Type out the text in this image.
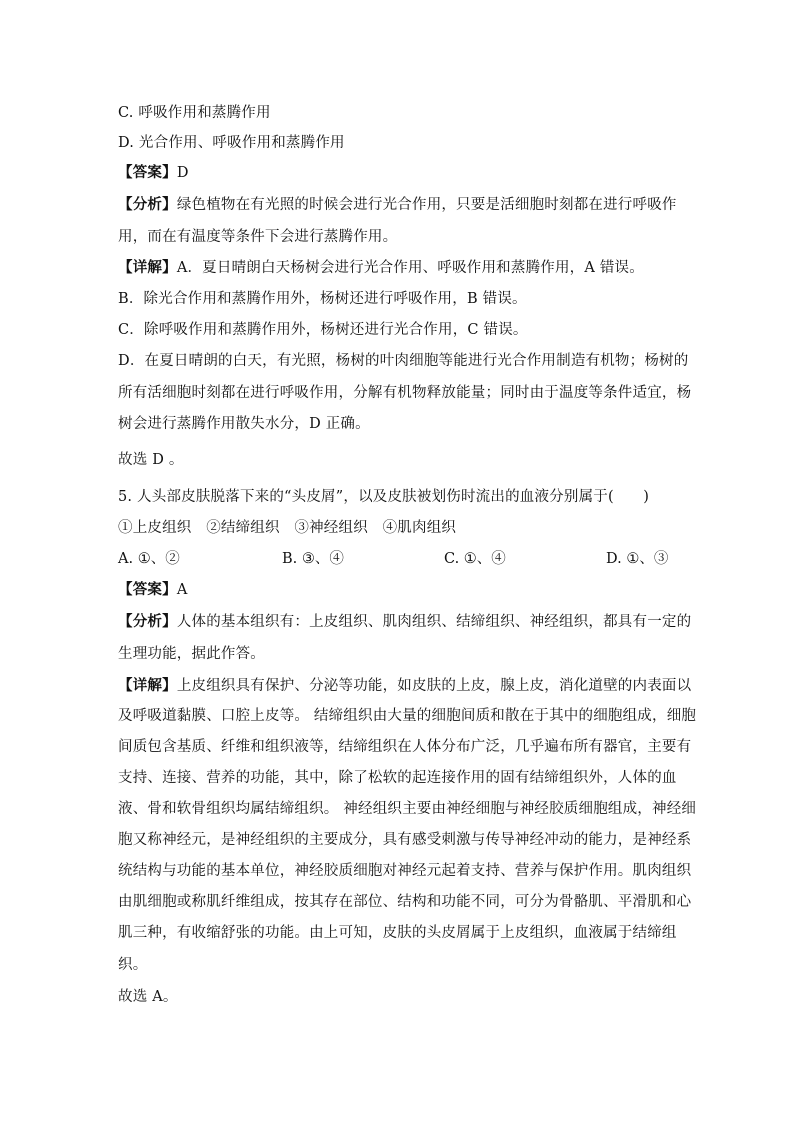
C. 呼吸作用和蒸腾作用
D. 光合作用、呼吸作用和蒸腾作用
【答案】D
【分析】绿色植物在有光照的时候会进行光合作用，只要是活细胞时刻都在进行呼吸作
用，而在有温度等条件下会进行蒸腾作用。
【详解】A．夏日晴朗白天杨树会进行光合作用、呼吸作用和蒸腾作用，A 错误。
B．除光合作用和蒸腾作用外，杨树还进行呼吸作用，B 错误。
C．除呼吸作用和蒸腾作用外，杨树还进行光合作用，C 错误。
D．在夏日晴朗的白天，有光照，杨树的叶肉细胞等能进行光合作用制造有机物；杨树的
所有活细胞时刻都在进行呼吸作用，分解有机物释放能量；同时由于温度等条件适宜，杨
树会进行蒸腾作用散失水分，D 正确。
故选 D 。
5. 人头部皮肤脱落下来的“头皮屑”，以及皮肤被划伤时流出的血液分别属于(　　)
①上皮组织　②结缔组织　③神经组织　④肌肉组织
A. ①、②	B. ③、④	C. ①、④	D. ①、③
【答案】A
【分析】人体的基本组织有：上皮组织、肌肉组织、结缔组织、神经组织，都具有一定的
生理功能，据此作答。
【详解】上皮组织具有保护、分泌等功能，如皮肤的上皮，腺上皮，消化道壁的内表面以
及呼吸道黏膜、口腔上皮等。 结缔组织由大量的细胞间质和散在于其中的细胞组成，细胞
间质包含基质、纤维和组织液等，结缔组织在人体分布广泛，几乎遍布所有器官，主要有
支持、连接、营养的功能，其中，除了松软的起连接作用的固有结缔组织外，人体的血
液、骨和软骨组织均属结缔组织。 神经组织主要由神经细胞与神经胶质细胞组成，神经细
胞又称神经元，是神经组织的主要成分，具有感受刺激与传导神经冲动的能力，是神经系
统结构与功能的基本单位，神经胶质细胞对神经元起着支持、营养与保护作用。肌肉组织
由肌细胞或称肌纤维组成，按其存在部位、结构和功能不同，可分为骨骼肌、平滑肌和心
肌三种，有收缩舒张的功能。由上可知，皮肤的头皮屑属于上皮组织，血液属于结缔组
织。
故选 A。
